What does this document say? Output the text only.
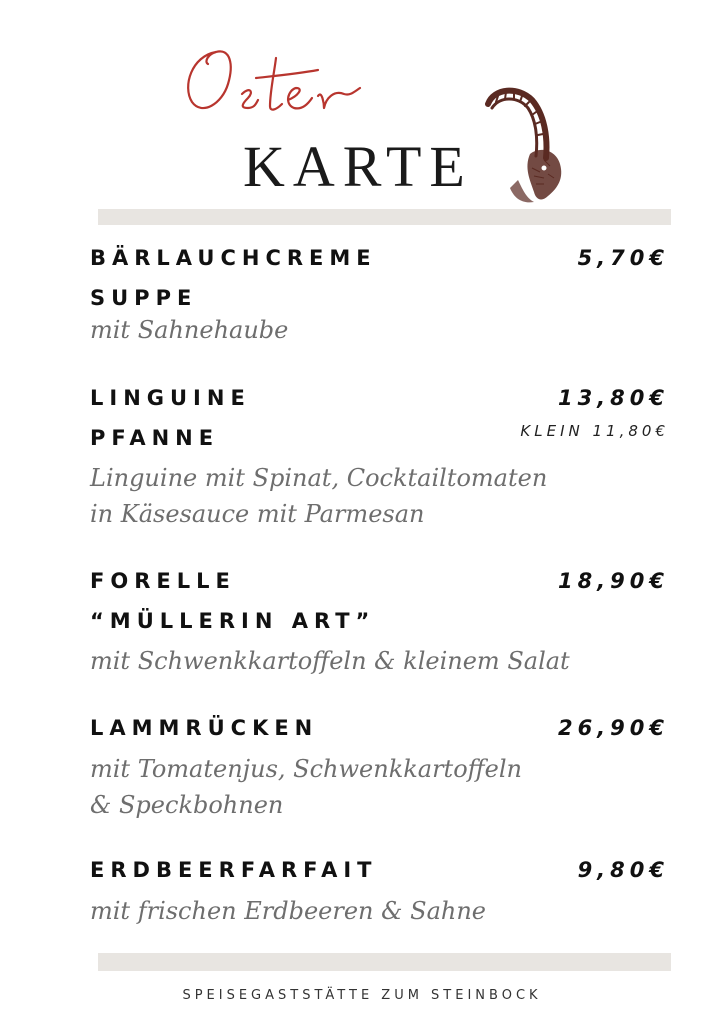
KARTE
BÄRLAUCHCREME
SUPPE
5,70€
mit Sahnehaube
LINGUINE
PFANNE
13,80€
KLEIN 11,80€
Linguine mit Spinat, Cocktailtomaten
in Käsesauce mit Parmesan
FORELLE
“MÜLLERIN ART”
18,90€
mit Schwenkkartoffeln & kleinem Salat
LAMMRÜCKEN	26,90€
mit Tomatenjus, Schwenkkartoffeln
& Speckbohnen
ERDBEERFARFAIT	9,80€
mit frischen Erdbeeren & Sahne
SPEISEGASTSTÄTTE ZUM STEINBOCK
